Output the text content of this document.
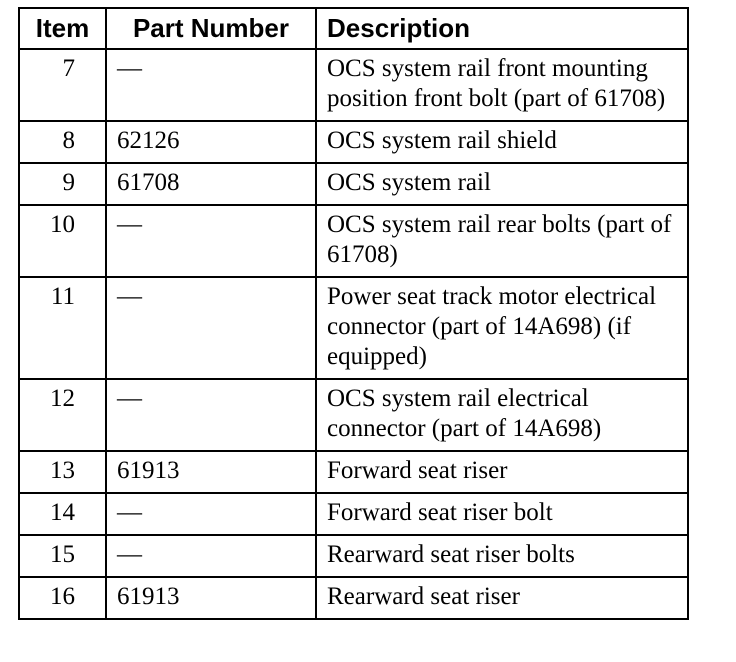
Item	Part Number	Description
7	—	OCS system rail front mounting position front bolt (part of 61708)
8	62126	OCS system rail shield
9	61708	OCS system rail
10	—	OCS system rail rear bolts (part of 61708)
11	—	Power seat track motor electrical connector (part of 14A698) (if equipped)
12	—	OCS system rail electrical connector (part of 14A698)
13	61913	Forward seat riser
14	—	Forward seat riser bolt
15	—	Rearward seat riser bolts
16	61913	Rearward seat riser
